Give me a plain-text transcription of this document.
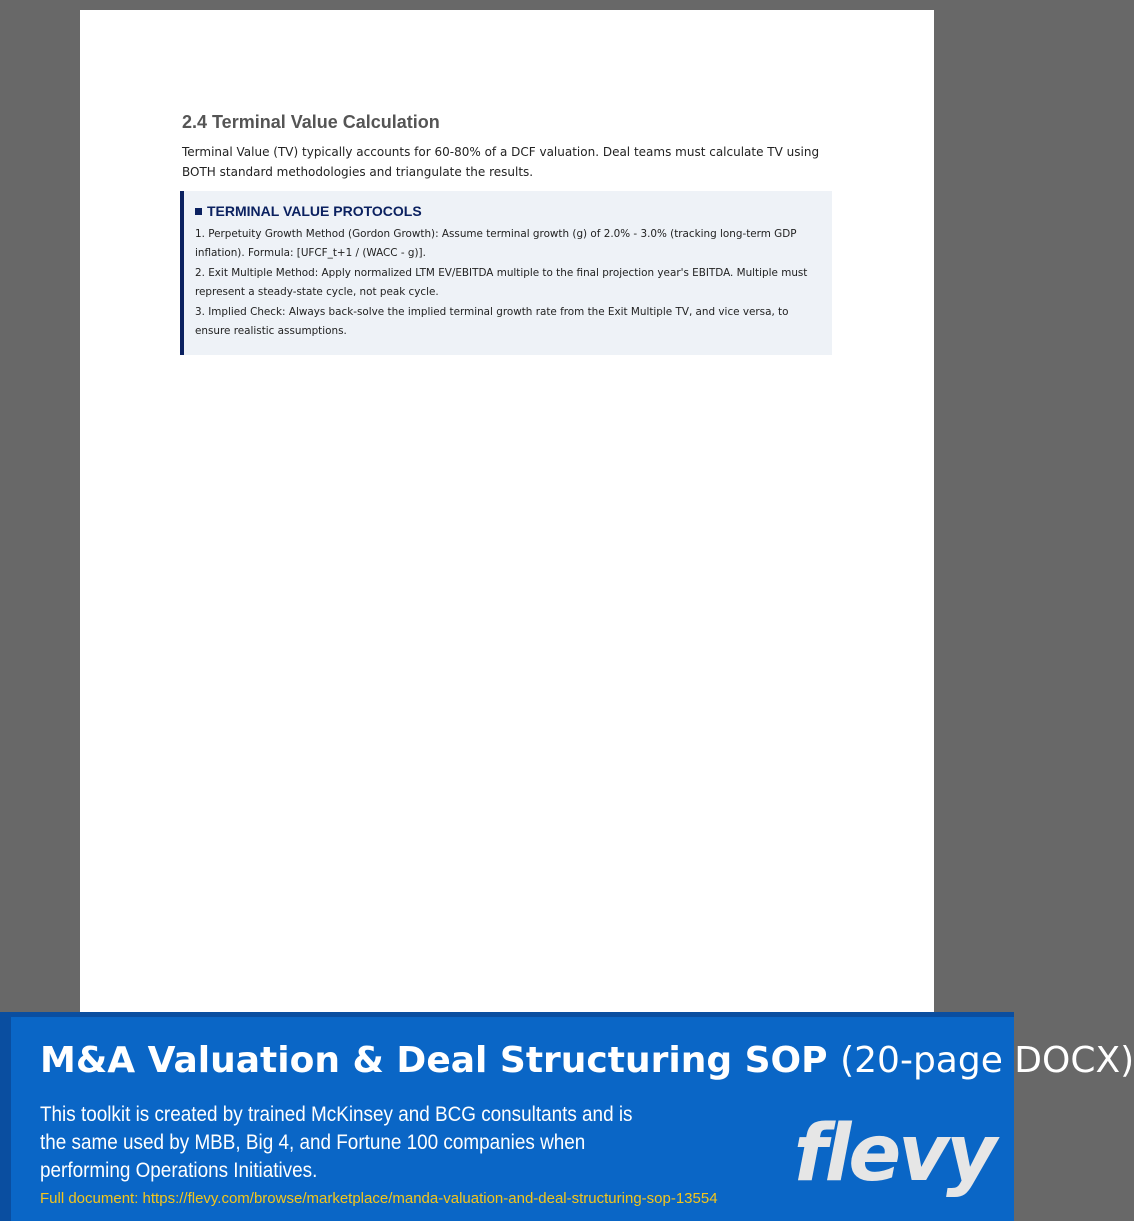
2.4 Terminal Value Calculation

Terminal Value (TV) typically accounts for 60-80% of a DCF valuation. Deal teams must calculate TV using BOTH standard methodologies and triangulate the results.

TERMINAL VALUE PROTOCOLS

1. Perpetuity Growth Method (Gordon Growth): Assume terminal growth (g) of 2.0% - 3.0% (tracking long-term GDP inflation). Formula: [UFCF_t+1 / (WACC - g)].

2. Exit Multiple Method: Apply normalized LTM EV/EBITDA multiple to the final projection year's EBITDA. Multiple must represent a steady-state cycle, not peak cycle.

3. Implied Check: Always back-solve the implied terminal growth rate from the Exit Multiple TV, and vice versa, to ensure realistic assumptions.

M&A Valuation & Deal Structuring SOP (20-page DOCX)

This toolkit is created by trained McKinsey and BCG consultants and is the same used by MBB, Big 4, and Fortune 100 companies when performing Operations Initiatives.

Full document: https://flevy.com/browse/marketplace/manda-valuation-and-deal-structuring-sop-13554 flevy
